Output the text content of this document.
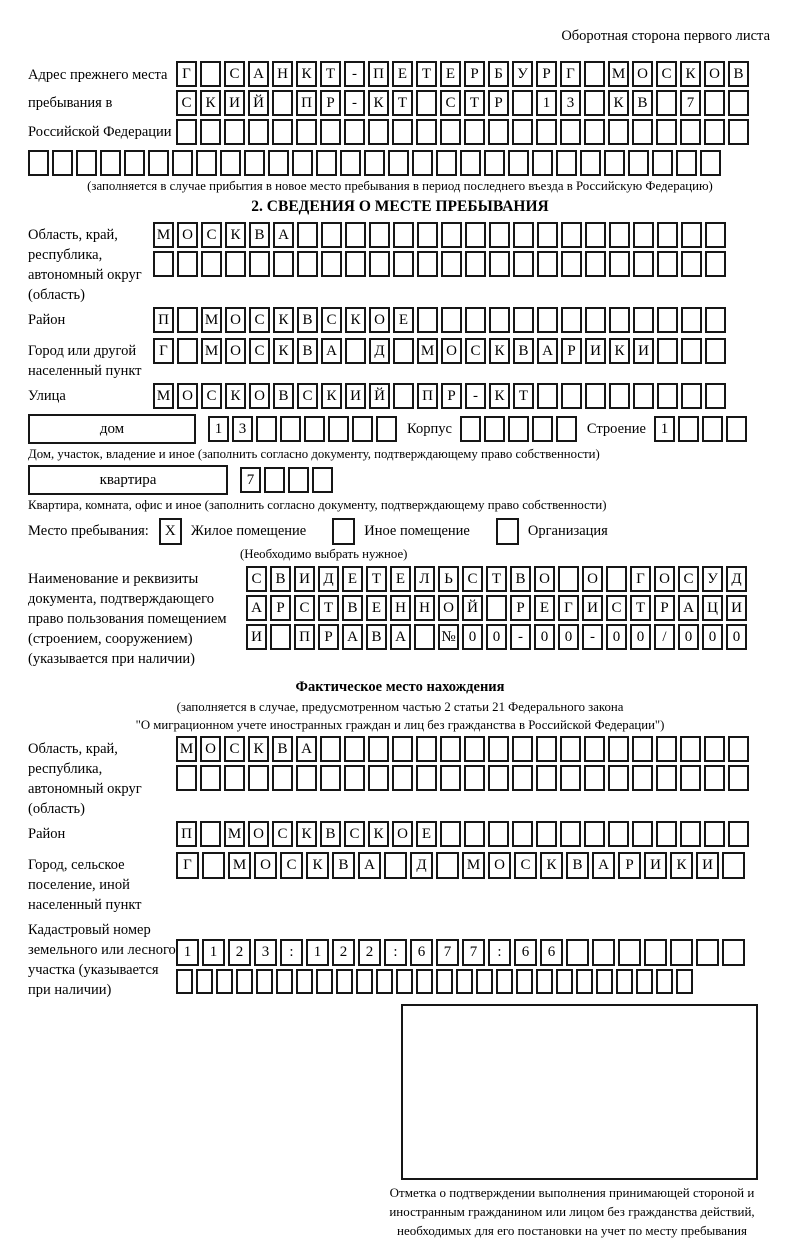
Оборотная сторона первого листа
Адрес прежнего места пребывания в Российской Федерации
Г	С А Н К Т	-	П Е Т Е	Р	Б У Р	Г	М О С К О В
С К И Й	П Р	-	К Т	С Т	Р	1	3	К В	7
(заполняется в случае прибытия в новое место пребывания в период последнего въезда в Российскую Федерацию)
2. СВЕДЕНИЯ О МЕСТЕ ПРЕБЫВАНИЯ
Область, край, республика, автономный округ (область)
М О С К В А
Район	П	М О С К В С К О Е
Город или другой населенный пункт
Г	М О С К В А	Д	М О С К В А Р И К И
Улица	М О С К О В С К И Й	П Р	-	К Т
дом	1	3	Корпус	Строение 1
Дом, участок, владение и иное (заполнить согласно документу, подтверждающему право собственности)
квартира	7
Квартира, комната, офис и иное (заполнить согласно документу, подтверждающему право собственности)
Место пребывания:	X	Жилое помещение	Иное помещение	Организация
(Необходимо выбрать нужное)
Наименование и реквизиты документа, подтверждающего право пользования помещением (строением, сооружением) (указывается при наличии)
С В И Д Е Т Е Л Ь С Т В О	О	Г О С У Д
А Р С Т В Е Н Н О Й	Р	Е	Г И С Т	Р А Ц И
И	П Р А В А	№ 0	0	-	0	0	-	0	0	/	0	0	0
Фактическое место нахождения
(заполняется в случае, предусмотренном частью 2 статьи 21 Федерального закона
"О миграционном учете иностранных граждан и лиц без гражданства в Российской Федерации")
Область, край, республика, автономный округ (область)
М О С К В А
Район	П	М О С К В С К О Е
Город, сельское поселение, иной населенный пункт
Г	М О	С	К	В	А	Д	М О	С	К	В	А	Р	И	К	И
Кадастровый номер земельного или лесного участка (указывается при наличии)
1	1	2	3	:	1	2	2	:	6	7	7	:	6	6
Отметка о подтверждении выполнения принимающей стороной и иностранным гражданином или лицом без гражданства действий, необходимых для его постановки на учет по месту пребывания
